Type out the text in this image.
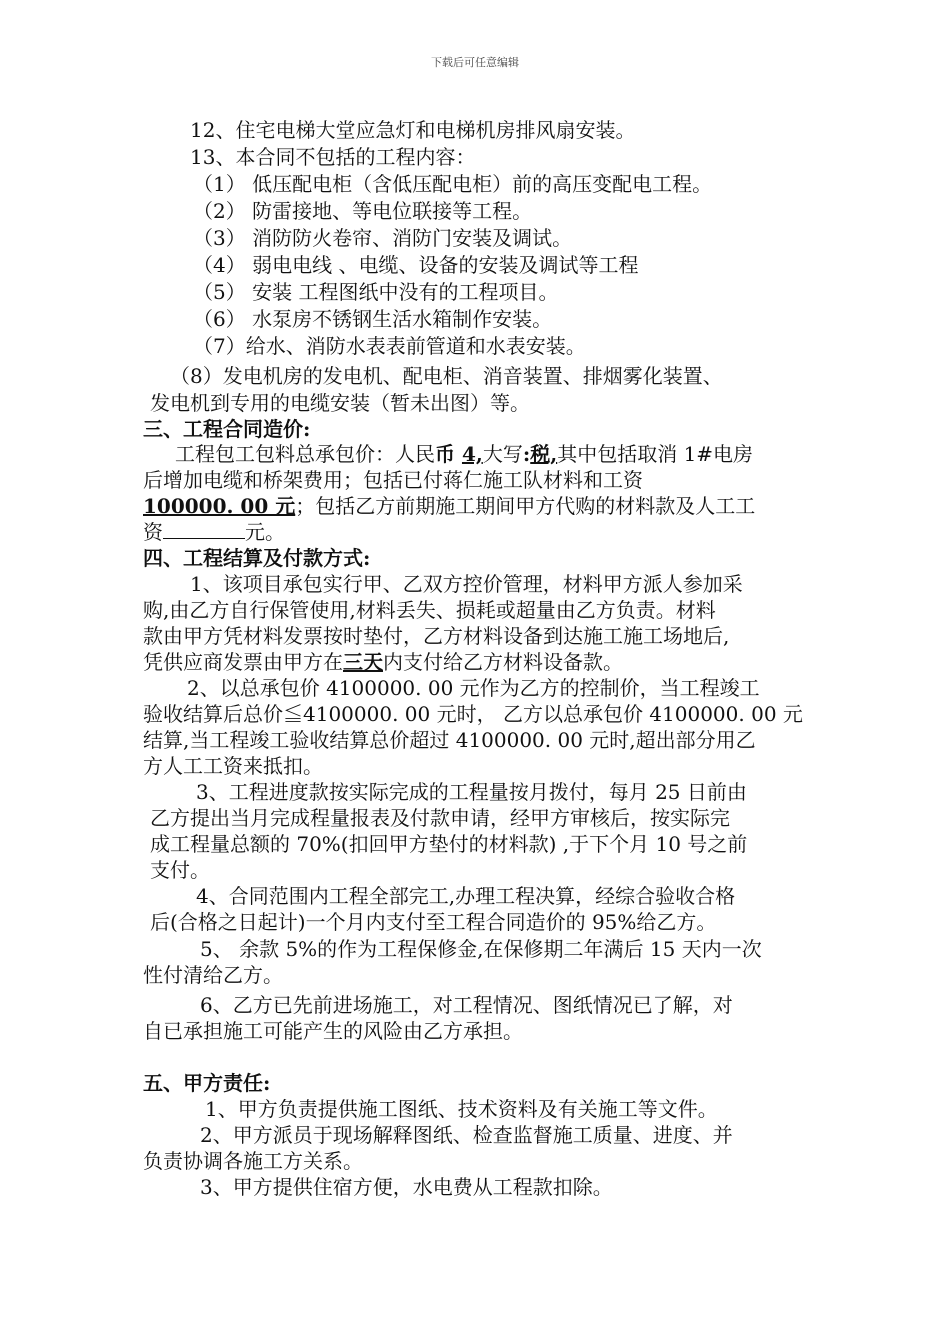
下载后可任意编辑
12、住宅电梯大堂应急灯和电梯机房排风扇安装。
13、本合同不包括的工程内容：
（1） 低压配电柜（含低压配电柜）前的高压变配电工程。
（2） 防雷接地、等电位联接等工程。
（3） 消防防火卷帘、消防门安装及调试。
（4） 弱电电线 、电缆、设备的安装及调试等工程
（5） 安装 工程图纸中没有的工程项目。
（6） 水泵房不锈钢生活水箱制作安装。
（7）给水、消防水表表前管道和水表安装。
（8）发电机房的发电机、配电柜、消音装置、排烟雾化装置、
发电机到专用的电缆安装（暂未出图）等。
三、工程合同造价:
工程包工包料总承包价：人民币 4,大写:税,其中包括取消 1#电房
后增加电缆和桥架费用；包括已付蒋仁施工队材料和工资
100000. 00 元；包括乙方前期施工期间甲方代购的材料款及人工工
资	元。
四、工程结算及付款方式:
1、该项目承包实行甲、乙双方控价管理，材料甲方派人参加采
购,由乙方自行保管使用,材料丢失、损耗或超量由乙方负责。材料
款由甲方凭材料发票按时垫付，乙方材料设备到达施工施工场地后,
凭供应商发票由甲方在三天内支付给乙方材料设备款。
2、以总承包价 4100000. 00 元作为乙方的控制价，当工程竣工
验收结算后总价≦4100000. 00 元时， 乙方以总承包价 4100000. 00 元
结算,当工程竣工验收结算总价超过 4100000. 00 元时,超出部分用乙
方人工工资来抵扣。
3、工程进度款按实际完成的工程量按月拨付，每月 25 日前由
乙方提出当月完成程量报表及付款申请，经甲方审核后，按实际完
成工程量总额的 70%(扣回甲方垫付的材料款) ,于下个月 10 号之前
支付。
4、合同范围内工程全部完工,办理工程决算，经综合验收合格
后(合格之日起计)一个月内支付至工程合同造价的 95%给乙方。
5、 余款 5%的作为工程保修金,在保修期二年满后 15 天内一次
性付清给乙方。
6、乙方已先前进场施工，对工程情况、图纸情况已了解，对
自已承担施工可能产生的风险由乙方承担。
五、甲方责任:
1、甲方负责提供施工图纸、技术资料及有关施工等文件。
2、甲方派员于现场解释图纸、检查监督施工质量、进度、并
负责协调各施工方关系。
3、甲方提供住宿方便，水电费从工程款扣除。
